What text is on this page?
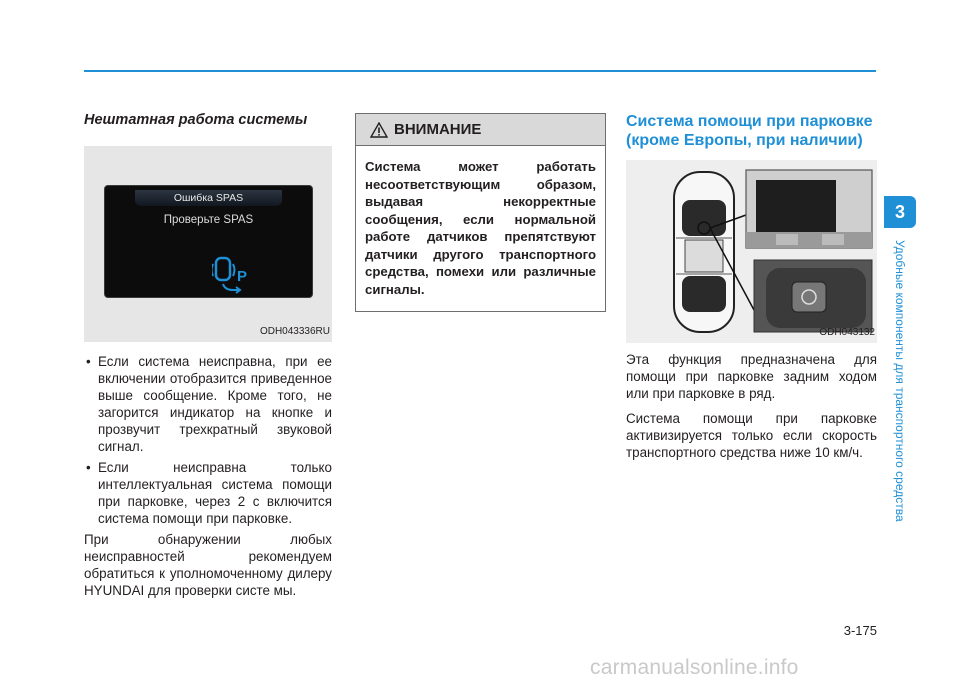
Нештатная работа системы
Ошибка SPAS
Проверьте SPAS
P
ODH043336RU
• Если система неисправна, при ее включении отобразится приведенное выше сообщение. Кроме того, не загорится индикатор на кнопке и прозвучит трехкратный звуковой сигнал.
• Если неисправна только интеллектуальная система помощи при парковке, через 2 с включится система помощи при парковке.

При обнаружении любых неисправностей рекомендуем обратиться к уполномоченному дилеру HYUNDAI для проверки систе мы.

ВНИМАНИЕ
Система может работать несоответствующим образом, выдавая некорректные сообщения, если нормальной работе датчиков препятствуют датчики другого транспортного средства, помехи или различные сигналы.
Система помощи при парковке (кроме Европы, при наличии)
ODH043132

Эта функция предназначена для помощи при парковке задним ходом или при парковке в ряд.

Система помощи при парковке активизируется только если скорость транспортного средства ниже 10 км/ч.

3
Удобные компоненты для транспортного средства
3-175
carmanualsonline.info
